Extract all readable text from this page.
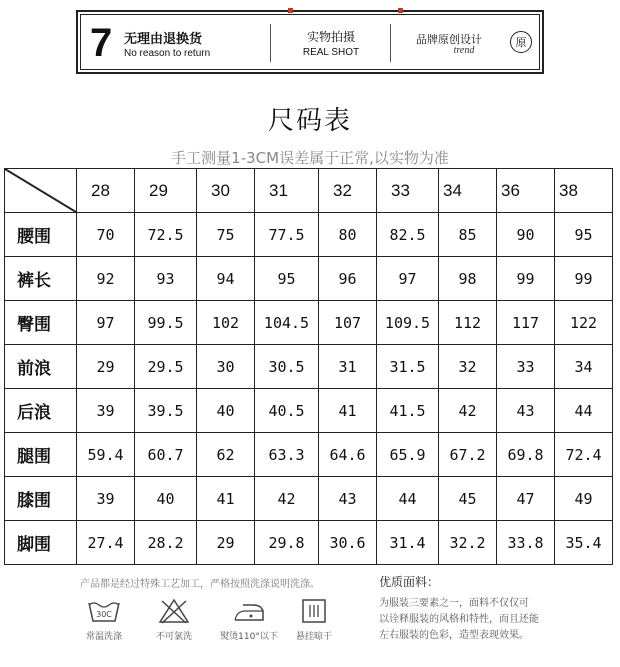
7 无理由退换货
No reason to return
实物拍摄
REAL SHOT
品牌原创设计
trend
原
尺码表
手工测量1-3CM误差属于正常,以实物为准
	28	29	30	31	32	33	34	36	38
腰围	70	72.5	75	77.5	80	82.5	85	90	95
裤长	92	93	94	95	96	97	98	99	99
臀围	97	99.5	102	104.5	107	109.5	112	117	122
前浪	29	29.5	30	30.5	31	31.5	32	33	34
后浪	39	39.5	40	40.5	41	41.5	42	43	44
腿围	59.4	60.7	62	63.3	64.6	65.9	67.2	69.8	72.4
膝围	39	40	41	42	43	44	45	47	49
脚围	27.4	28.2	29	29.8	30.6	31.4	32.2	33.8	35.4
产品都是经过特殊工艺加工，严格按照洗涤说明洗涤。
30C
常温洗涤	不可氯洗	熨烫110°以下	悬挂晾干
优质面料：
为服装三要素之一，面料不仅仅可
以诠释服装的风格和特性，而且还能
左右服装的色彩，造型表现效果。
